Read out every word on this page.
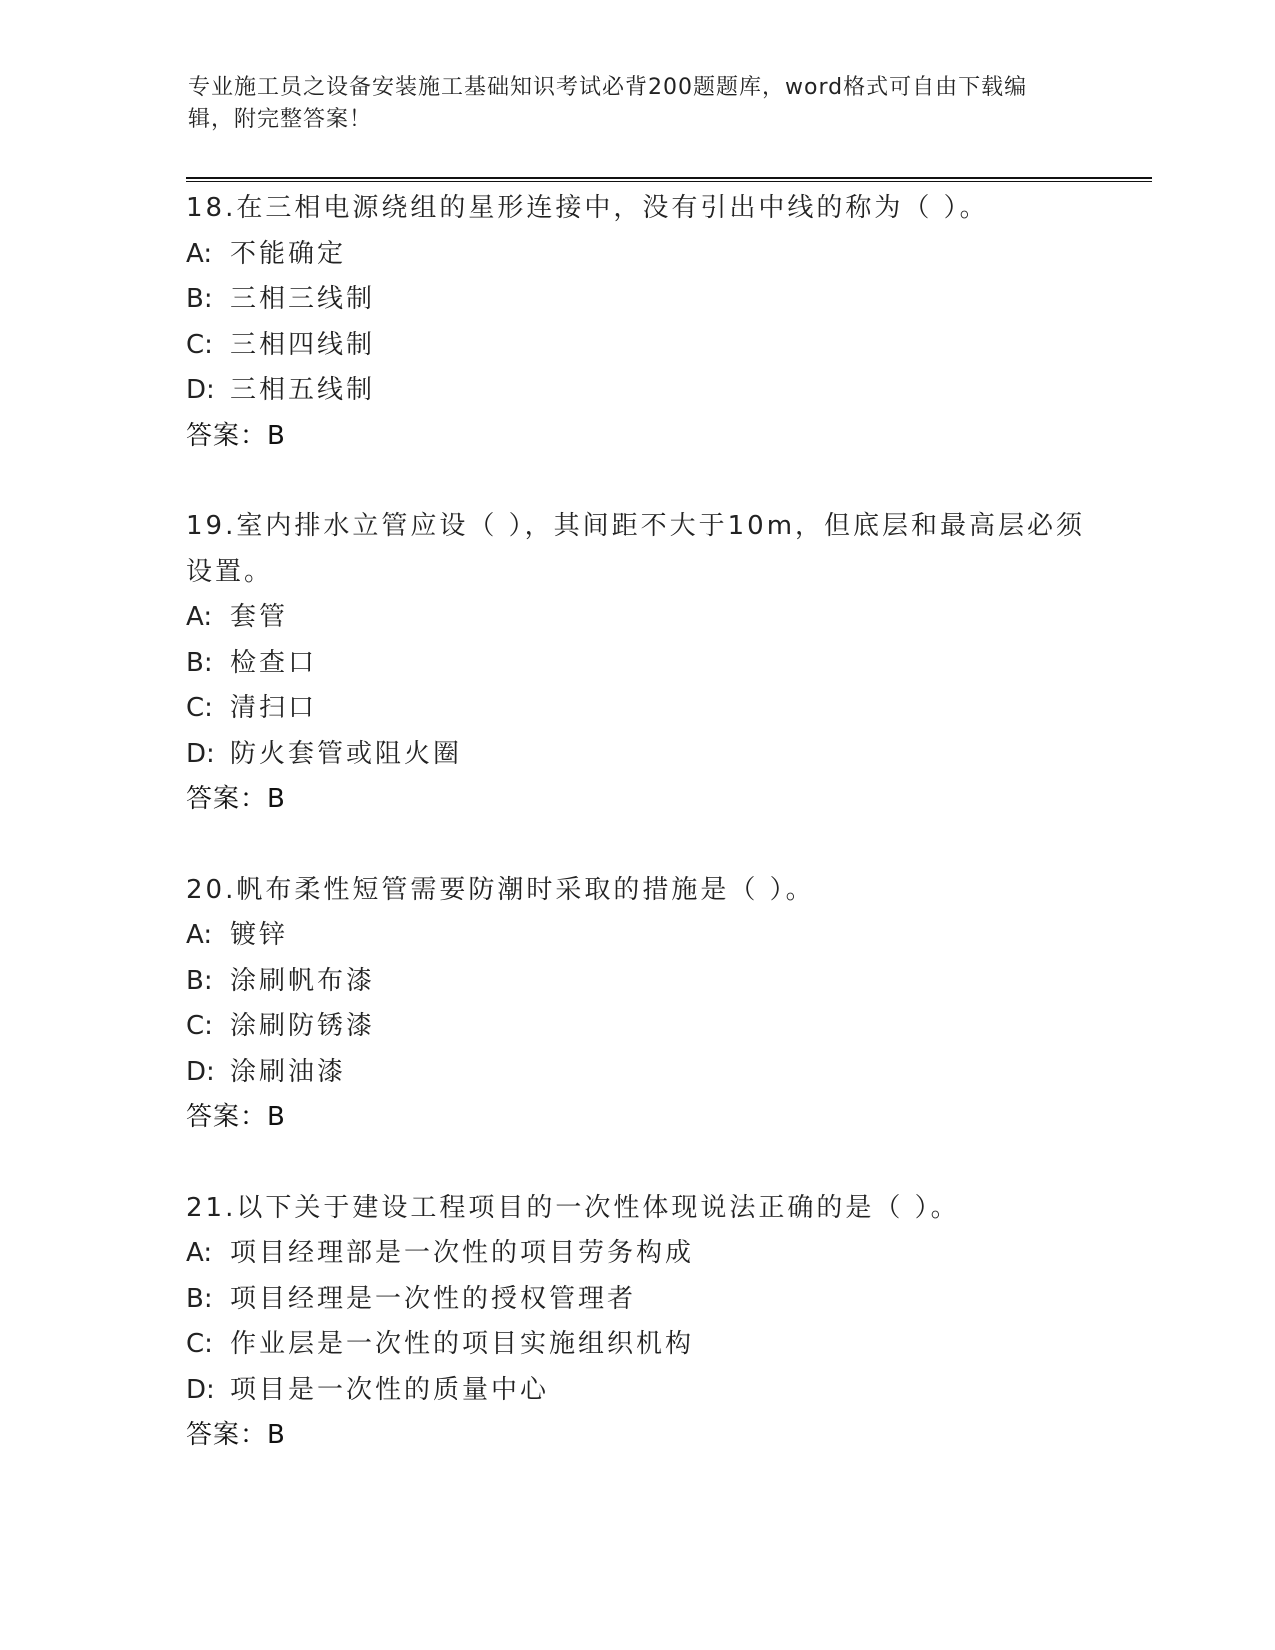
专业施工员之设备安装施工基础知识考试必背200题题库，word格式可自由下载编辑，附完整答案！
18.在三相电源绕组的星形连接中，没有引出中线的称为（ ）。
A: 不能确定
B: 三相三线制
C: 三相四线制
D: 三相五线制
答案：B
19.室内排水立管应设（ ），其间距不大于10m，但底层和最高层必须设置。
A: 套管
B: 检查口
C: 清扫口
D: 防火套管或阻火圈
答案：B
20.帆布柔性短管需要防潮时采取的措施是（ ）。
A: 镀锌
B: 涂刷帆布漆
C: 涂刷防锈漆
D: 涂刷油漆
答案：B
21.以下关于建设工程项目的一次性体现说法正确的是（ ）。
A: 项目经理部是一次性的项目劳务构成
B: 项目经理是一次性的授权管理者
C: 作业层是一次性的项目实施组织机构
D: 项目是一次性的质量中心
答案：B
